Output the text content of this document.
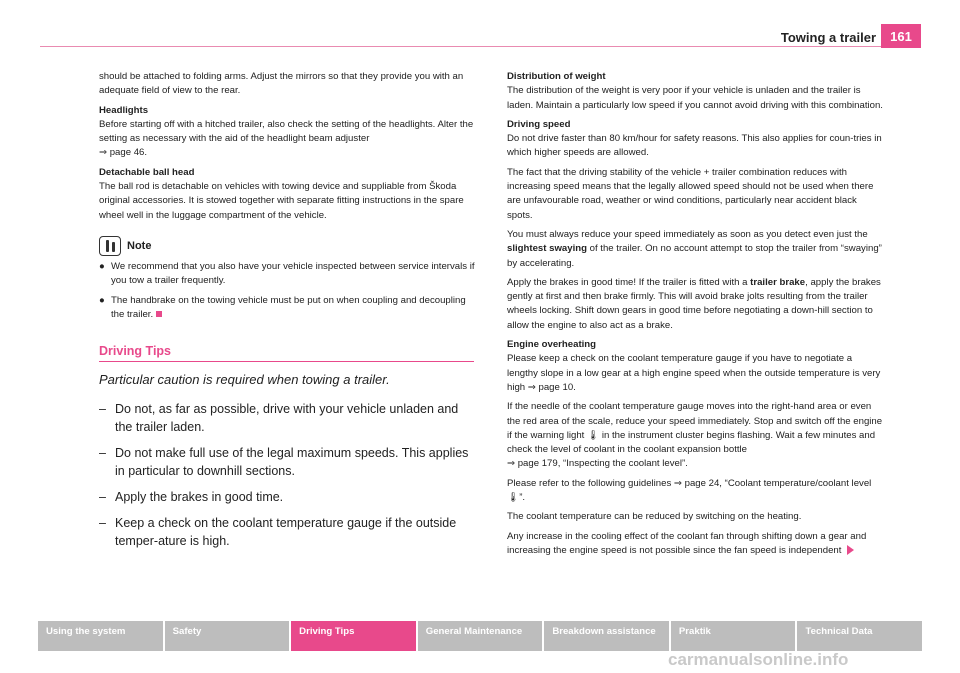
Towing a trailer	161
should be attached to folding arms. Adjust the mirrors so that they provide you with an adequate field of view to the rear.
Headlights
Before starting off with a hitched trailer, also check the setting of the headlights. Alter the setting as necessary with the aid of the headlight beam adjuster
⇒ page 46.
Detachable ball head
The ball rod is detachable on vehicles with towing device and suppliable from Škoda original accessories. It is stowed together with separate fitting instructions in the spare wheel well in the luggage compartment of the vehicle.
Note
● We recommend that you also have your vehicle inspected between service intervals if you tow a trailer frequently.
● The handbrake on the towing vehicle must be put on when coupling and decoupling the trailer.
Driving Tips
Particular caution is required when towing a trailer.
– Do not, as far as possible, drive with your vehicle unladen and the trailer laden.
– Do not make full use of the legal maximum speeds. This applies in particular to downhill sections.
– Apply the brakes in good time.
– Keep a check on the coolant temperature gauge if the outside temper-ature is high.
Distribution of weight
The distribution of the weight is very poor if your vehicle is unladen and the trailer is laden. Maintain a particularly low speed if you cannot avoid driving with this combination.
Driving speed
Do not drive faster than 80 km/hour for safety reasons. This also applies for coun-tries in which higher speeds are allowed.
The fact that the driving stability of the vehicle + trailer combination reduces with increasing speed means that the legally allowed speed should not be used when there are unfavourable road, weather or wind conditions, particularly near accident black spots.
You must always reduce your speed immediately as soon as you detect even just the slightest swaying of the trailer. On no account attempt to stop the trailer from “swaying” by accelerating.
Apply the brakes in good time! If the trailer is fitted with a trailer brake, apply the brakes gently at first and then brake firmly. This will avoid brake jolts resulting from the trailer wheels locking. Shift down gears in good time before negotiating a down-hill section to allow the engine to also act as a brake.
Engine overheating
Please keep a check on the coolant temperature gauge if you have to negotiate a lengthy slope in a low gear at a high engine speed when the outside temperature is very high ⇒ page 10.
If the needle of the coolant temperature gauge moves into the right-hand area or even the red area of the scale, reduce your speed immediately. Stop and switch off the engine if the warning light 🌡 in the instrument cluster begins flashing. Wait a few minutes and check the level of coolant in the coolant expansion bottle
⇒ page 179, “Inspecting the coolant level”.
Please refer to the following guidelines ⇒ page 24, “Coolant temperature/coolant level 🌡”.
The coolant temperature can be reduced by switching on the heating.
Any increase in the cooling effect of the coolant fan through shifting down a gear and increasing the engine speed is not possible since the fan speed is independent
Using the system	Safety	Driving Tips	General Maintenance	Breakdown assistance	Praktik	Technical Data
carmanualsonline.info
